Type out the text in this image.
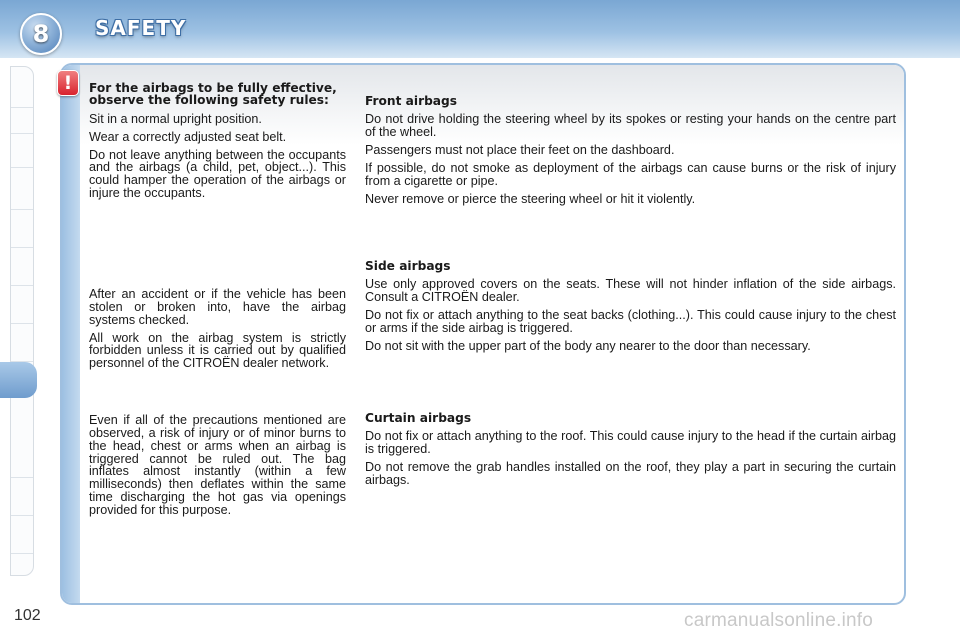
8	SAFETY
!	For the airbags to be fully effective, observe the following safety rules:

Sit in a normal upright position.

Wear a correctly adjusted seat belt.

Do not leave anything between the occupants and the airbags (a child, pet, object...). This could hamper the operation of the airbags or injure the occupants.

After an accident or if the vehicle has been stolen or broken into, have the airbag systems checked.

All work on the airbag system is strictly forbidden unless it is carried out by qualified personnel of the CITROËN dealer network.

Even if all of the precautions mentioned are observed, a risk of injury or of minor burns to the head, chest or arms when an airbag is triggered cannot be ruled out. The bag inflates almost instantly (within a few milliseconds) then deflates within the same time discharging the hot gas via openings provided for this purpose.

Front airbags

Do not drive holding the steering wheel by its spokes or resting your hands on the centre part of the wheel.

Passengers must not place their feet on the dashboard.

If possible, do not smoke as deployment of the airbags can cause burns or the risk of injury from a cigarette or pipe.

Never remove or pierce the steering wheel or hit it violently.

Side airbags

Use only approved covers on the seats. These will not hinder inflation of the side airbags. Consult a CITROËN dealer.

Do not fix or attach anything to the seat backs (clothing...). This could cause injury to the chest or arms if the side airbag is triggered.

Do not sit with the upper part of the body any nearer to the door than necessary.

Curtain airbags

Do not fix or attach anything to the roof. This could cause injury to the head if the curtain airbag is triggered.

Do not remove the grab handles installed on the roof, they play a part in securing the curtain airbags.

102	carmanualsonline.info
